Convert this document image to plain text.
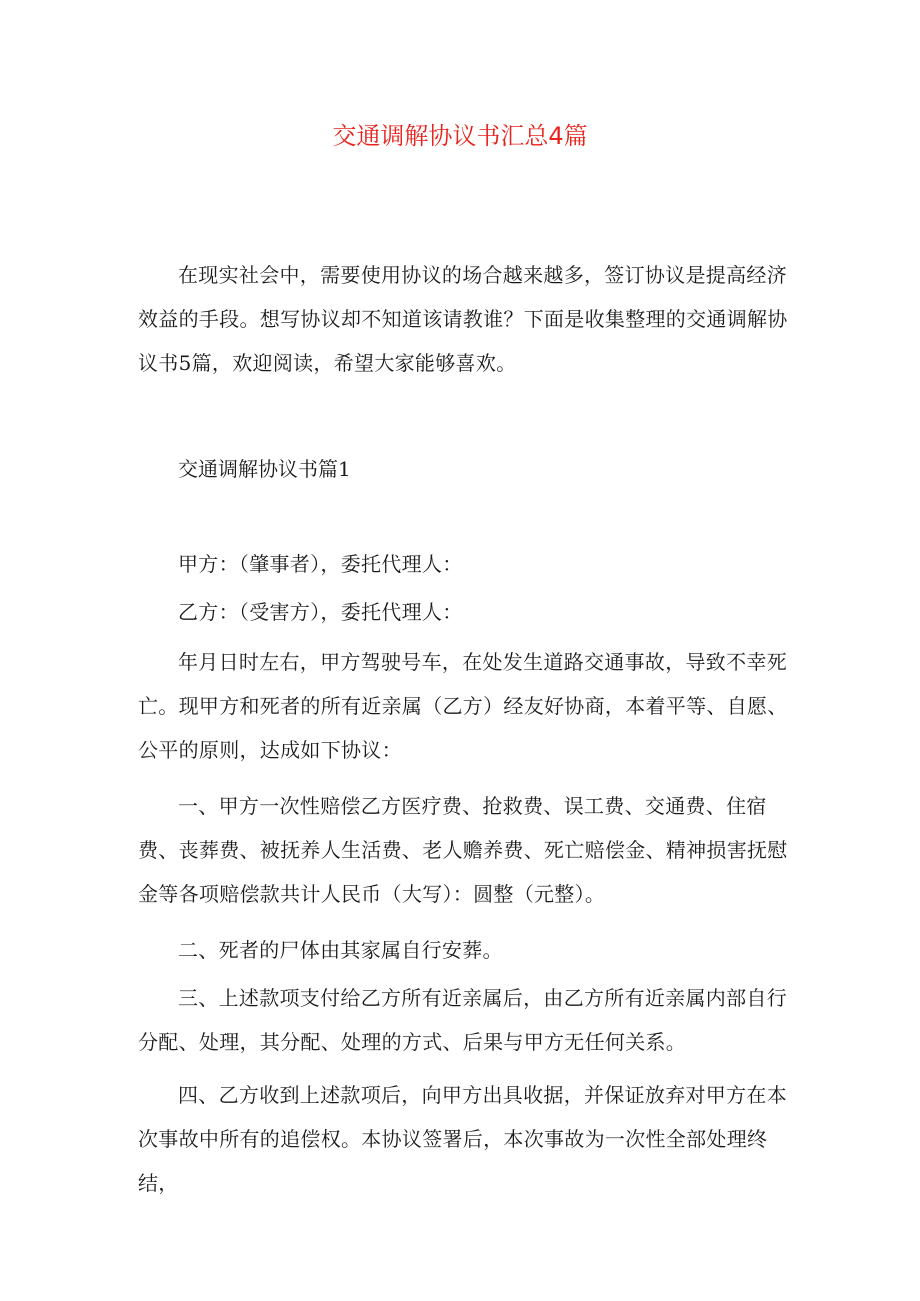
交通调解协议书汇总4篇

在现实社会中，需要使用协议的场合越来越多，签订协议是提高经济效益的手段。想写协议却不知道该请教谁？下面是收集整理的交通调解协议书5篇，欢迎阅读，希望大家能够喜欢。

交通调解协议书篇1

甲方：（肇事者），委托代理人：

乙方：（受害方），委托代理人：

年月日时左右，甲方驾驶号车，在处发生道路交通事故，导致不幸死亡。现甲方和死者的所有近亲属（乙方）经友好协商，本着平等、自愿、公平的原则，达成如下协议：

一、甲方一次性赔偿乙方医疗费、抢救费、误工费、交通费、住宿费、丧葬费、被抚养人生活费、老人赡养费、死亡赔偿金、精神损害抚慰金等各项赔偿款共计人民币（大写）：圆整（元整）。

二、死者的尸体由其家属自行安葬。

三、上述款项支付给乙方所有近亲属后，由乙方所有近亲属内部自行分配、处理，其分配、处理的方式、后果与甲方无任何关系。

四、乙方收到上述款项后，向甲方出具收据，并保证放弃对甲方在本次事故中所有的追偿权。本协议签署后，本次事故为一次性全部处理终结，
